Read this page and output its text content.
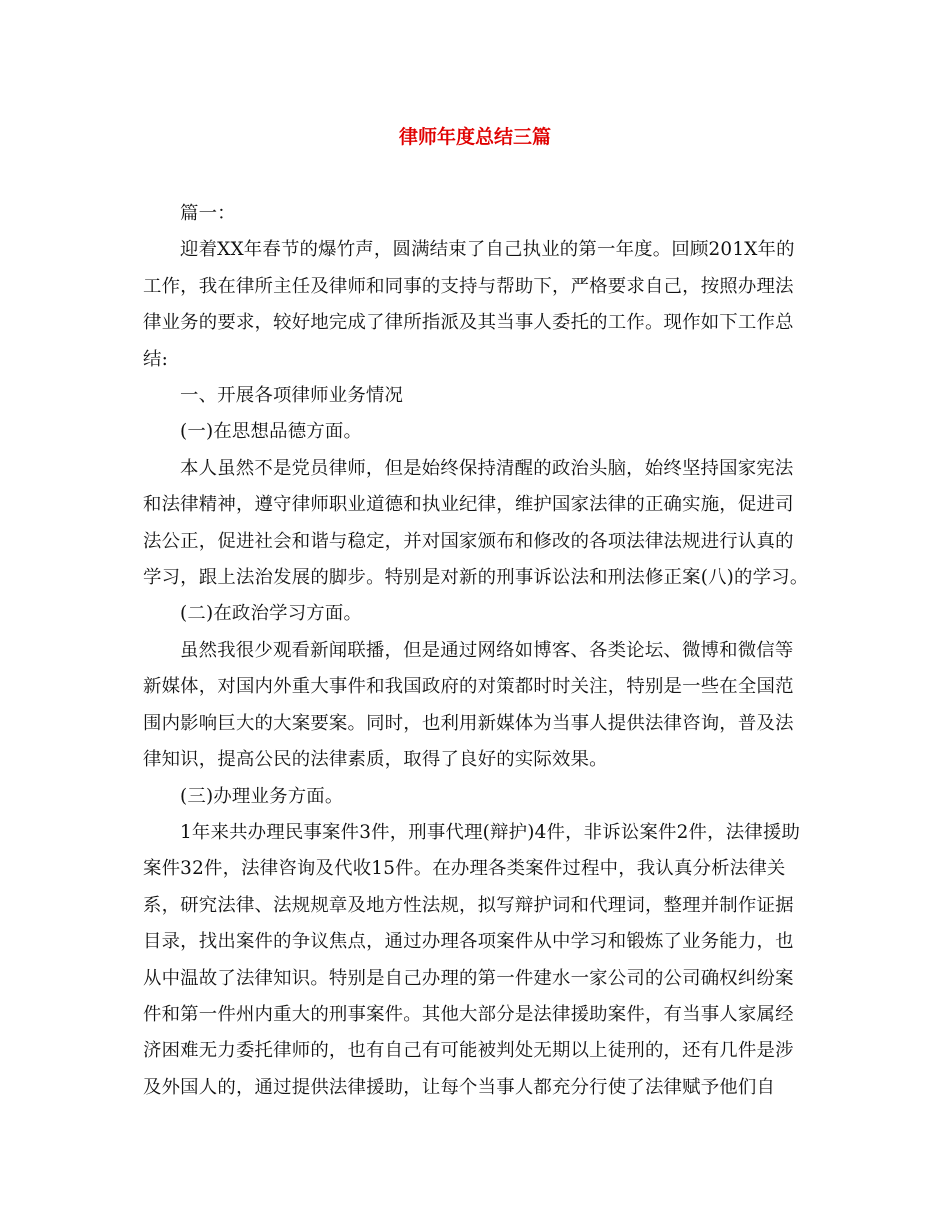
律师年度总结三篇

篇一：

迎着XX年春节的爆竹声，圆满结束了自己执业的第一年度。回顾201X年的工作，我在律所主任及律师和同事的支持与帮助下，严格要求自己，按照办理法律业务的要求，较好地完成了律所指派及其当事人委托的工作。现作如下工作总结:

一、开展各项律师业务情况

(一)在思想品德方面。

本人虽然不是党员律师，但是始终保持清醒的政治头脑，始终坚持国家宪法和法律精神，遵守律师职业道德和执业纪律，维护国家法律的正确实施，促进司法公正，促进社会和谐与稳定，并对国家颁布和修改的各项法律法规进行认真的学习，跟上法治发展的脚步。特别是对新的刑事诉讼法和刑法修正案(八)的学习。

(二)在政治学习方面。

虽然我很少观看新闻联播，但是通过网络如博客、各类论坛、微博和微信等新媒体，对国内外重大事件和我国政府的对策都时时关注，特别是一些在全国范围内影响巨大的大案要案。同时，也利用新媒体为当事人提供法律咨询，普及法律知识，提高公民的法律素质，取得了良好的实际效果。

(三)办理业务方面。

1年来共办理民事案件3件，刑事代理(辩护)4件，非诉讼案件2件，法律援助案件32件，法律咨询及代收15件。在办理各类案件过程中，我认真分析法律关系，研究法律、法规规章及地方性法规，拟写辩护词和代理词，整理并制作证据目录，找出案件的争议焦点，通过办理各项案件从中学习和锻炼了业务能力，也从中温故了法律知识。特别是自己办理的第一件建水一家公司的公司确权纠纷案件和第一件州内重大的刑事案件。其他大部分是法律援助案件，有当事人家属经济困难无力委托律师的，也有自己有可能被判处无期以上徒刑的，还有几件是涉及外国人的，通过提供法律援助，让每个当事人都充分行使了法律赋予他们自
